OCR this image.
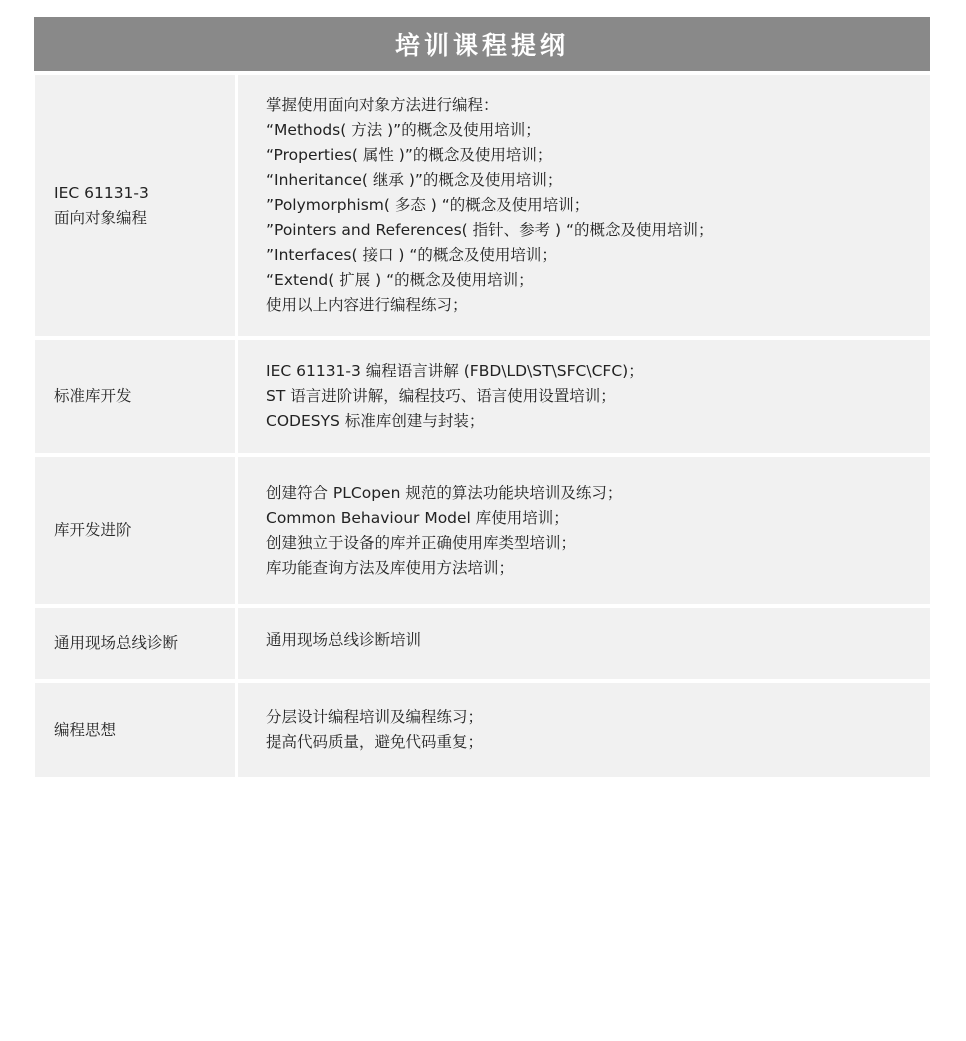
培训课程提纲
IEC 61131-3
面向对象编程
掌握使用面向对象方法进行编程：
“Methods( 方法 )”的概念及使用培训；
“Properties( 属性 )”的概念及使用培训；
“Inheritance( 继承 )”的概念及使用培训；
”Polymorphism( 多态 ) “的概念及使用培训；
”Pointers and References( 指针、参考 ) “的概念及使用培训；
”Interfaces( 接口 ) “的概念及使用培训；
“Extend( 扩展 ) “的概念及使用培训；
使用以上内容进行编程练习；
标准库开发
IEC 61131-3 编程语言讲解 (FBD\LD\ST\SFC\CFC)；
ST 语言进阶讲解，编程技巧、语言使用设置培训；
CODESYS 标准库创建与封装；
库开发进阶
创建符合 PLCopen 规范的算法功能块培训及练习；
Common Behaviour Model 库使用培训；
创建独立于设备的库并正确使用库类型培训；
库功能查询方法及库使用方法培训；
通用现场总线诊断	通用现场总线诊断培训
编程思想
分层设计编程培训及编程练习；
提高代码质量，避免代码重复；
